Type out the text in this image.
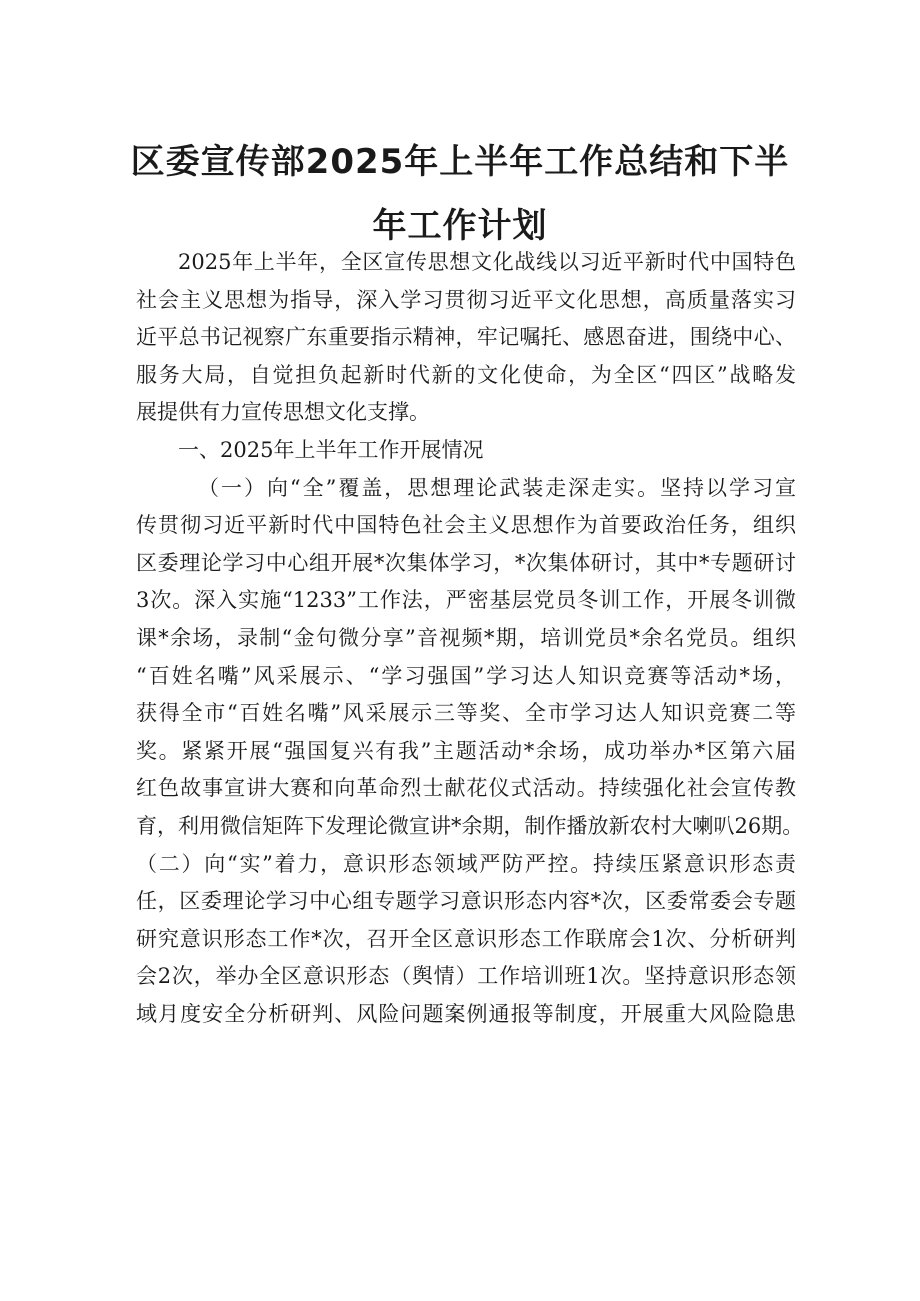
区委宣传部2025年上半年工作总结和下半
年工作计划
2025年上半年，全区宣传思想文化战线以习近平新时代中国特色
社会主义思想为指导，深入学习贯彻习近平文化思想，高质量落实习
近平总书记视察广东重要指示精神，牢记嘱托、感恩奋进，围绕中心、
服务大局，自觉担负起新时代新的文化使命，为全区“四区”战略发
展提供有力宣传思想文化支撑。
一、2025年上半年工作开展情况
（一）向“全”覆盖，思想理论武装走深走实。坚持以学习宣
传贯彻习近平新时代中国特色社会主义思想作为首要政治任务，组织
区委理论学习中心组开展*次集体学习，*次集体研讨，其中*专题研讨
3次。深入实施“1233”工作法，严密基层党员冬训工作，开展冬训微
课*余场，录制“金句微分享”音视频*期，培训党员*余名党员。组织
“百姓名嘴”风采展示、“学习强国”学习达人知识竞赛等活动*场，
获得全市“百姓名嘴”风采展示三等奖、全市学习达人知识竞赛二等
奖。紧紧开展“强国复兴有我”主题活动*余场，成功举办*区第六届
红色故事宣讲大赛和向革命烈士献花仪式活动。持续强化社会宣传教
育，利用微信矩阵下发理论微宣讲*余期，制作播放新农村大喇叭26期。
（二）向“实”着力，意识形态领域严防严控。持续压紧意识形态责
任，区委理论学习中心组专题学习意识形态内容*次，区委常委会专题
研究意识形态工作*次，召开全区意识形态工作联席会1次、分析研判
会2次，举办全区意识形态（舆情）工作培训班1次。坚持意识形态领
域月度安全分析研判、风险问题案例通报等制度，开展重大风险隐患
